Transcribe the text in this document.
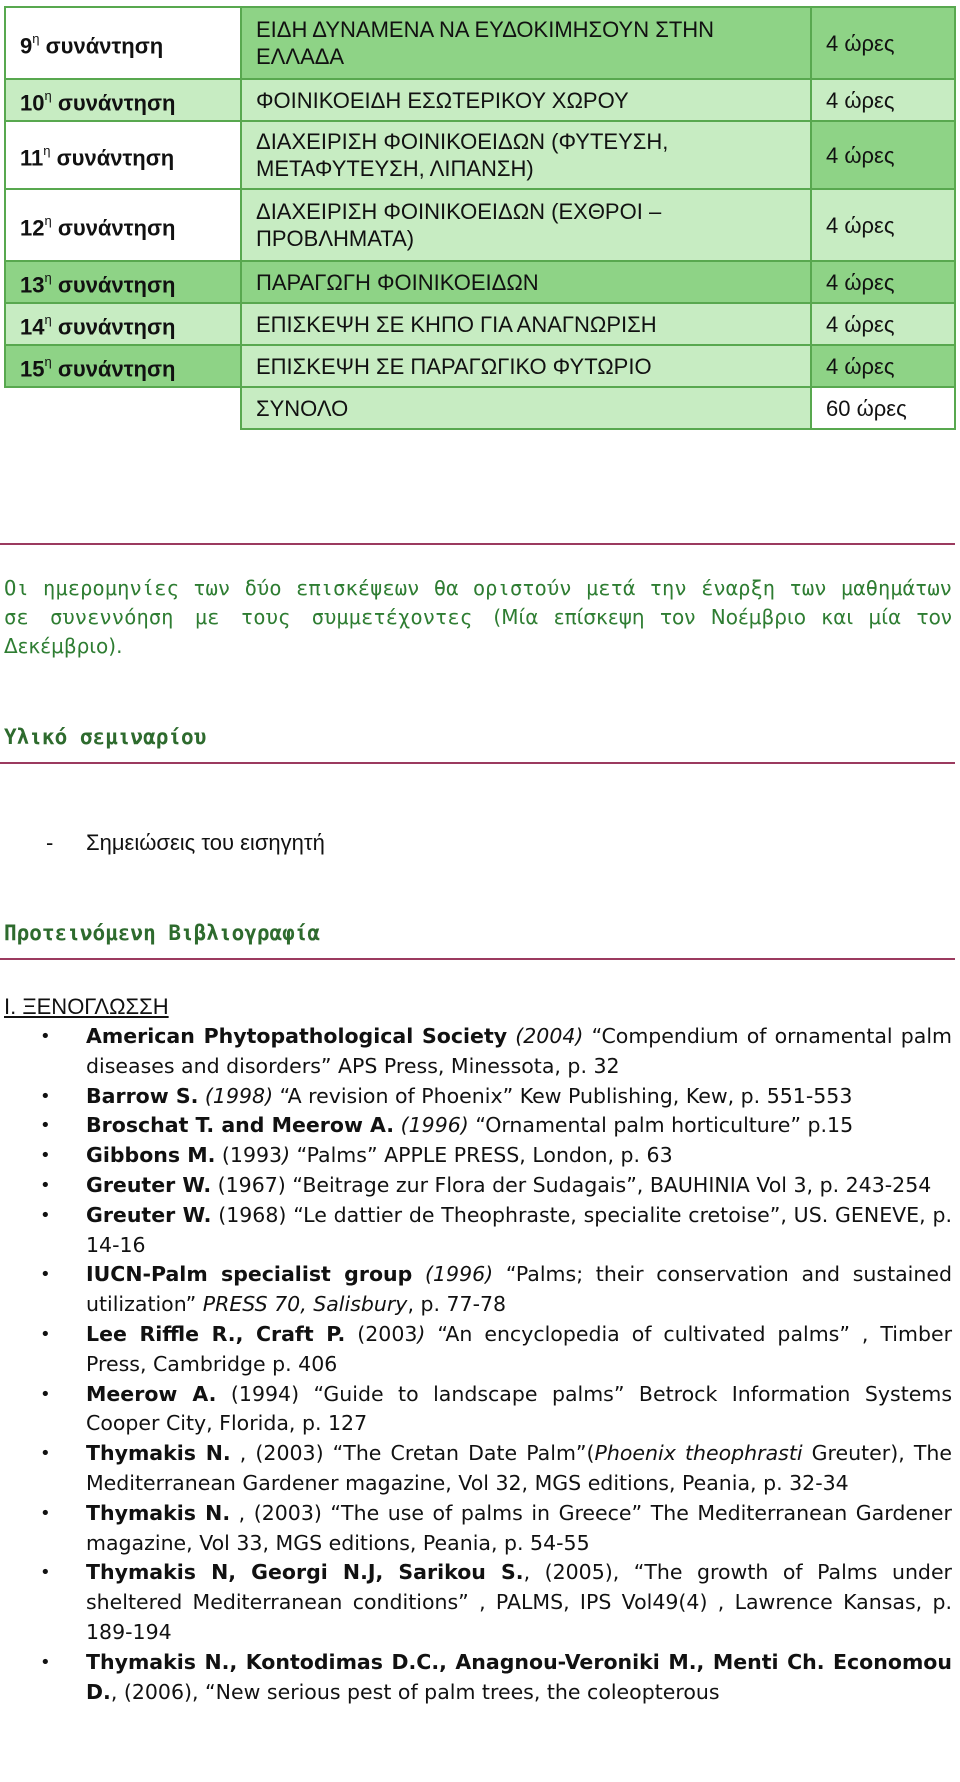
$9^\eta$ συνάντηση	ΕΙΔΗ ΔΥΝΑΜΕΝΑ ΝΑ ΕΥΔΟΚΙΜΗΣΟΥΝ ΣΤΗΝ ΕΛΛΑΔΑ	4 ώρες
$10^\eta$ συνάντηση	ΦΟΙΝΙΚΟΕΙΔΗ ΕΣΩΤΕΡΙΚΟΥ ΧΩΡΟΥ	4 ώρες
$11^\eta$ συνάντηση	ΔΙΑΧΕΙΡΙΣΗ ΦΟΙΝΙΚΟΕΙΔΩΝ (ΦΥΤΕΥΣΗ, ΜΕΤΑΦΥΤΕΥΣΗ, ΛΙΠΑΝΣΗ)	4 ώρες
$12^\eta$ συνάντηση	ΔΙΑΧΕΙΡΙΣΗ ΦΟΙΝΙΚΟΕΙΔΩΝ (ΕΧΘΡΟΙ – ΠΡΟΒΛΗΜΑΤΑ)	4 ώρες
$13^\eta$ συνάντηση	ΠΑΡΑΓΩΓΗ ΦΟΙΝΙΚΟΕΙΔΩΝ	4 ώρες
$14^\eta$ συνάντηση	ΕΠΙΣΚΕΨΗ ΣΕ ΚΗΠΟ ΓΙΑ ΑΝΑΓΝΩΡΙΣΗ	4 ώρες
$15^\eta$ συνάντηση	ΕΠΙΣΚΕΨΗ ΣΕ ΠΑΡΑΓΩΓΙΚΟ ΦΥΤΩΡΙΟ	4 ώρες
	ΣΥΝΟΛΟ	60 ώρες

Οι ημερομηνίες των δύο επισκέψεων θα οριστούν μετά την έναρξη των μαθημάτων σε συνεννόηση με τους συμμετέχοντες (Μία επίσκεψη τον Νοέμβριο και μία τον Δεκέμβριο).

Υλικό σεμιναρίου

- Σημειώσεις του εισηγητή

Προτεινόμενη Βιβλιογραφία

Ι. ΞΕΝΟΓΛΩΣΣΗ

• American Phytopathological Society (2004) “Compendium of ornamental palm diseases and disorders” APS Press, Minessota, p. 32
• Barrow S. (1998) “A revision of Phoenix” Kew Publishing, Kew, p. 551-553
• Broschat T. and Meerow A. (1996) “Ornamental palm horticulture” p.15
• Gibbons M. (1993) “Palms” APPLE PRESS, London, p. 63
• Greuter W. (1967) “Beitrage zur Flora der Sudagais”, BAUHINIA Vol 3, p. 243-254
• Greuter W. (1968) “Le dattier de Theophraste, specialite cretoise”, US. GENEVE, p. 14-16
• IUCN-Palm specialist group (1996) “Palms; their conservation and sustained utilization” PRESS 70, Salisbury, p. 77-78
• Lee Riffle R., Craft P. (2003) “An encyclopedia of cultivated palms” , Timber Press, Cambridge p. 406
• Meerow A. (1994) “Guide to landscape palms” Betrock Information Systems Cooper City, Florida, p. 127
• Thymakis N. , (2003) “The Cretan Date Palm”(Phoenix theophrasti Greuter), The Mediterranean Gardener magazine, Vol 32, MGS editions, Peania, p. 32-34
• Thymakis N. , (2003) “The use of palms in Greece” The Mediterranean Gardener magazine, Vol 33, MGS editions, Peania, p. 54-55
• Thymakis N, Georgi N.J, Sarikou S., (2005), “The growth of Palms under sheltered Mediterranean conditions” , PALMS, IPS Vol49(4) , Lawrence Kansas, p. 189-194
• Thymakis N., Kontodimas D.C., Anagnou-Veroniki M., Menti Ch. Economou D., (2006), “New serious pest of palm trees, the coleopterous
